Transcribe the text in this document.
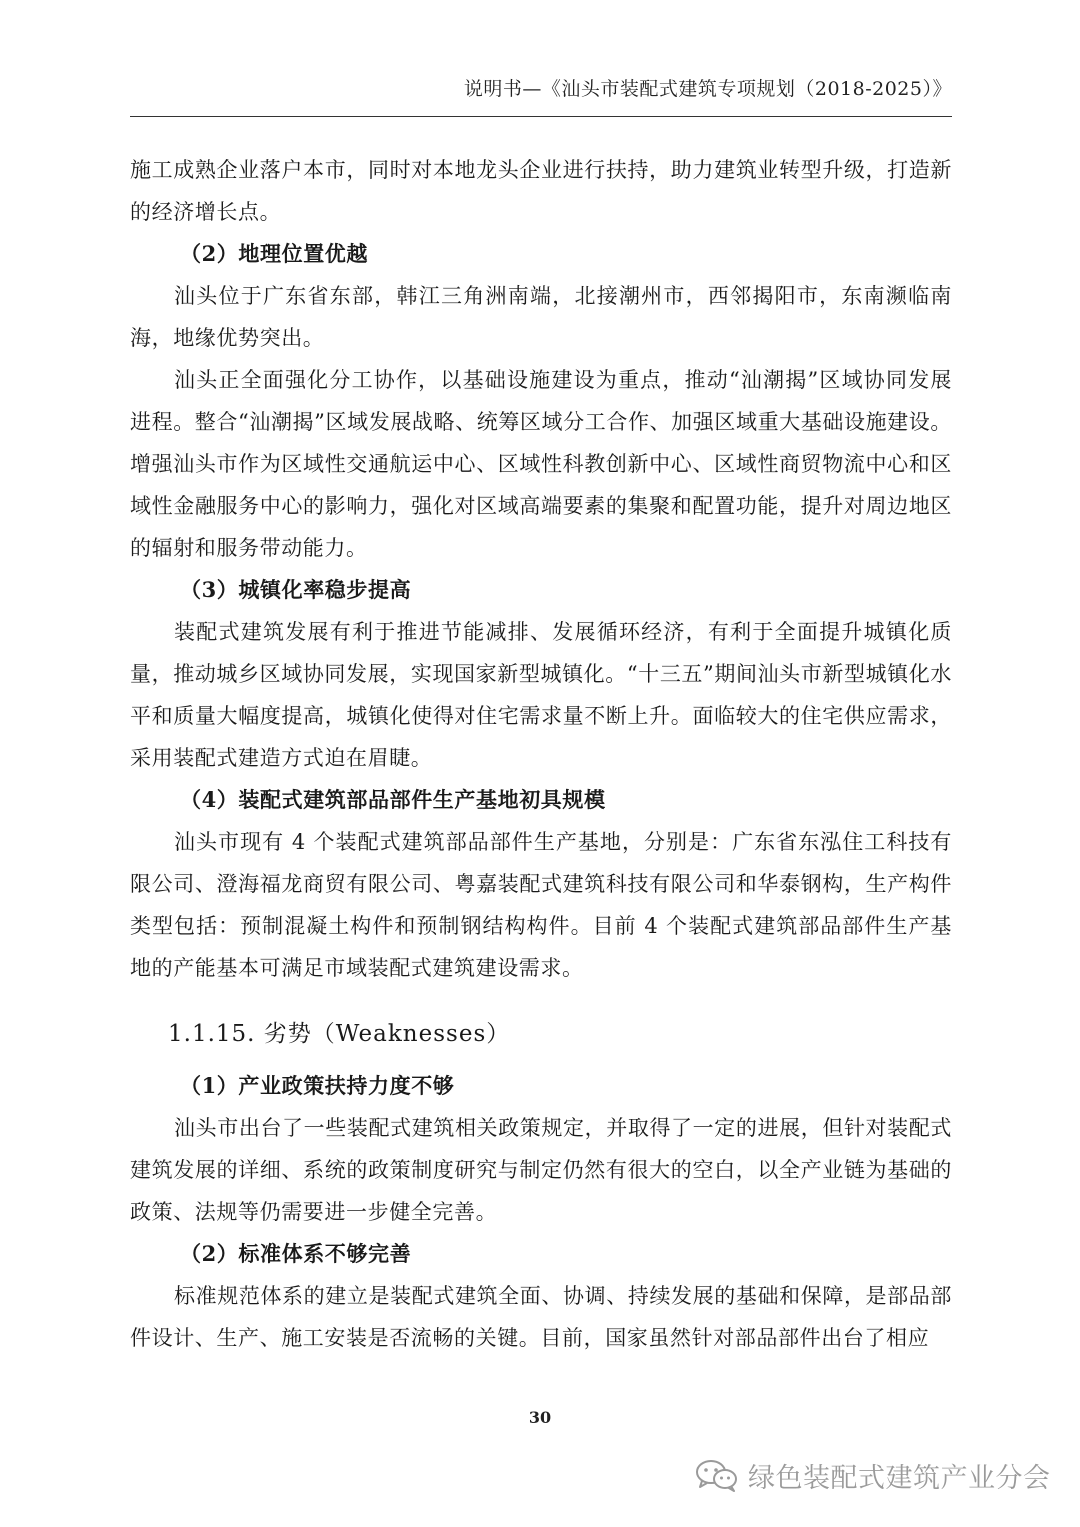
说明书—《汕头市装配式建筑专项规划（2018-2025）》

施工成熟企业落户本市，同时对本地龙头企业进行扶持，助力建筑业转型升级，打造新的经济增长点。

（2）地理位置优越

汕头位于广东省东部，韩江三角洲南端，北接潮州市，西邻揭阳市，东南濒临南海，地缘优势突出。

汕头正全面强化分工协作，以基础设施建设为重点，推动“汕潮揭”区域协同发展进程。整合“汕潮揭”区域发展战略、统筹区域分工合作、加强区域重大基础设施建设。增强汕头市作为区域性交通航运中心、区域性科教创新中心、区域性商贸物流中心和区域性金融服务中心的影响力，强化对区域高端要素的集聚和配置功能，提升对周边地区的辐射和服务带动能力。

（3）城镇化率稳步提高

装配式建筑发展有利于推进节能减排、发展循环经济，有利于全面提升城镇化质量，推动城乡区域协同发展，实现国家新型城镇化。“十三五”期间汕头市新型城镇化水平和质量大幅度提高，城镇化使得对住宅需求量不断上升。面临较大的住宅供应需求，采用装配式建造方式迫在眉睫。

（4）装配式建筑部品部件生产基地初具规模

汕头市现有 4 个装配式建筑部品部件生产基地，分别是：广东省东泓住工科技有限公司、澄海福龙商贸有限公司、粤嘉装配式建筑科技有限公司和华泰钢构，生产构件类型包括：预制混凝土构件和预制钢结构构件。目前 4 个装配式建筑部品部件生产基地的产能基本可满足市域装配式建筑建设需求。

1.1.15. 劣势（Weaknesses）

（1）产业政策扶持力度不够

汕头市出台了一些装配式建筑相关政策规定，并取得了一定的进展，但针对装配式建筑发展的详细、系统的政策制度研究与制定仍然有很大的空白，以全产业链为基础的政策、法规等仍需要进一步健全完善。

（2）标准体系不够完善

标准规范体系的建立是装配式建筑全面、协调、持续发展的基础和保障，是部品部件设计、生产、施工安装是否流畅的关键。目前，国家虽然针对部品部件出台了相应

30
绿色装配式建筑产业分会
